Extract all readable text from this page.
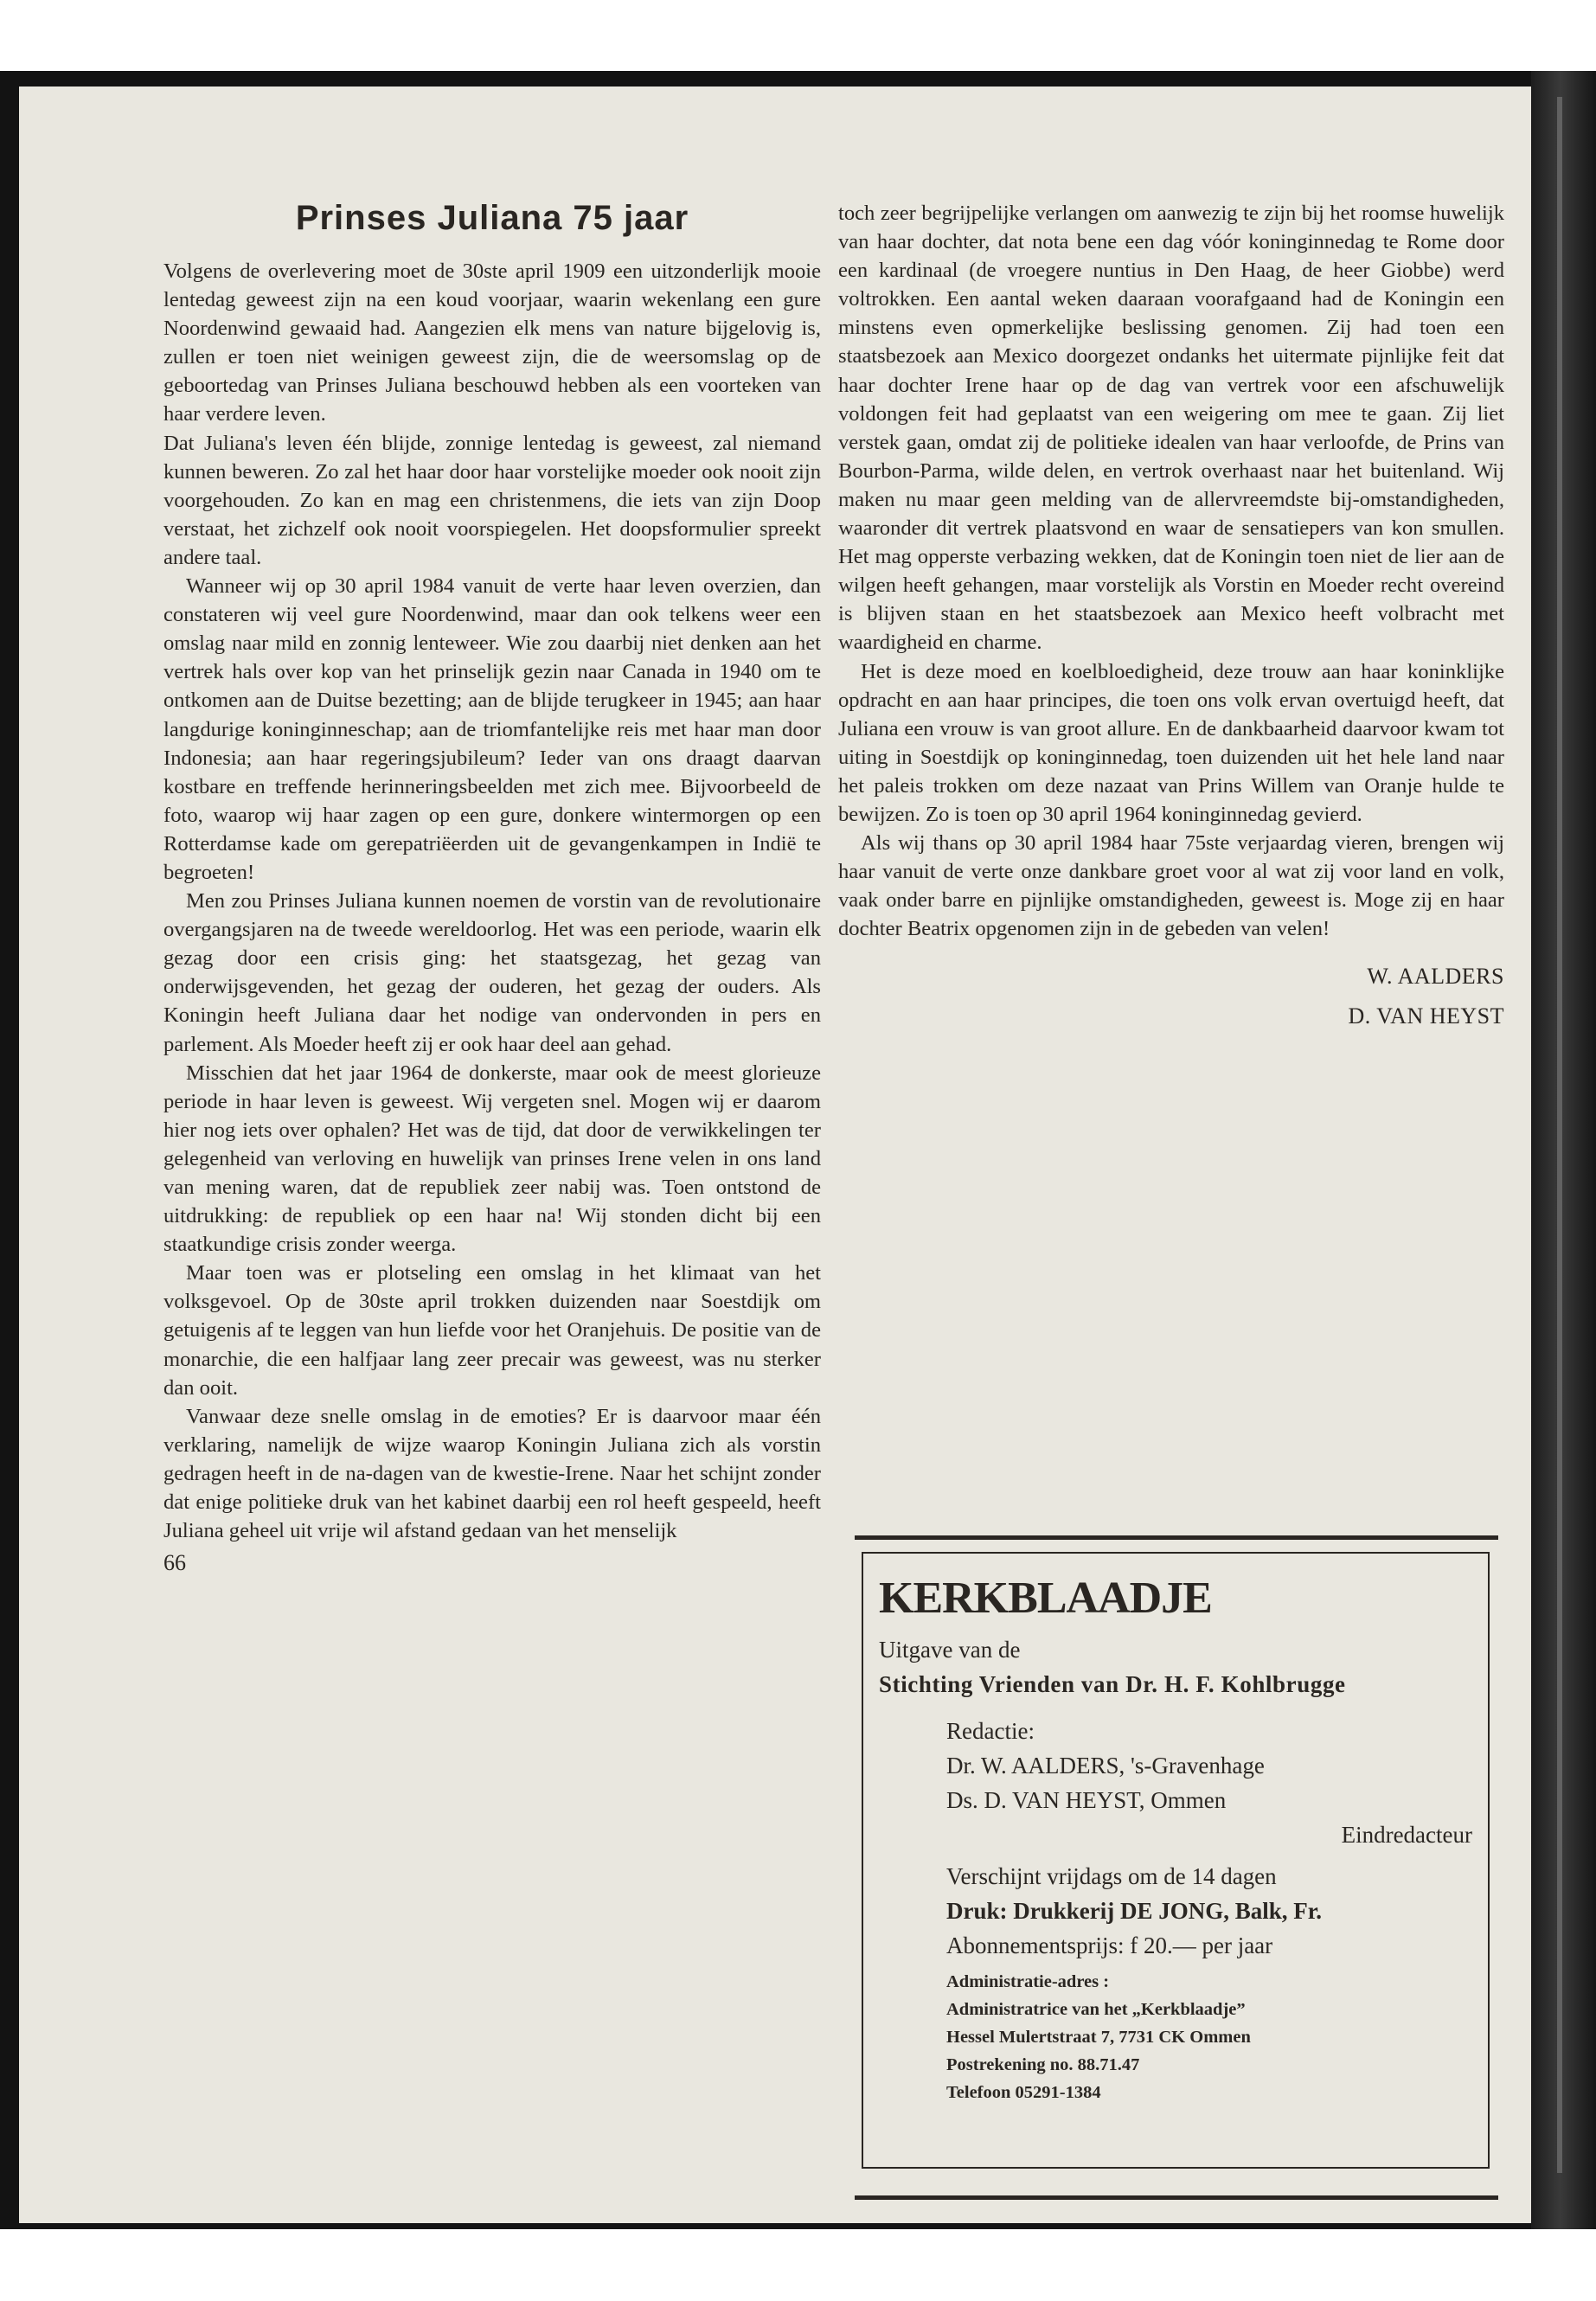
Prinses Juliana 75 jaar

Volgens de overlevering moet de 30ste april 1909 een uitzonderlijk mooie lentedag geweest zijn na een koud voorjaar, waarin wekenlang een gure Noordenwind gewaaid had. Aangezien elk mens van nature bijgelovig is, zullen er toen niet weinigen geweest zijn, die de weersomslag op de geboortedag van Prinses Juliana beschouwd hebben als een voorteken van haar verdere leven.

Dat Juliana's leven één blijde, zonnige lentedag is geweest, zal niemand kunnen beweren. Zo zal het haar door haar vorstelijke moeder ook nooit zijn voorgehouden. Zo kan en mag een christenmens, die iets van zijn Doop verstaat, het zichzelf ook nooit voorspiegelen. Het doopsformulier spreekt andere taal.

Wanneer wij op 30 april 1984 vanuit de verte haar leven overzien, dan constateren wij veel gure Noordenwind, maar dan ook telkens weer een omslag naar mild en zonnig lenteweer. Wie zou daarbij niet denken aan het vertrek hals over kop van het prinselijk gezin naar Canada in 1940 om te ontkomen aan de Duitse bezetting; aan de blijde terugkeer in 1945; aan haar langdurige koninginneschap; aan de triomfantelijke reis met haar man door Indonesia; aan haar regeringsjubileum? Ieder van ons draagt daarvan kostbare en treffende herinneringsbeelden met zich mee. Bijvoorbeeld de foto, waarop wij haar zagen op een gure, donkere wintermorgen op een Rotterdamse kade om gerepatriëerden uit de gevangenkampen in Indië te begroeten!

Men zou Prinses Juliana kunnen noemen de vorstin van de revolutionaire overgangsjaren na de tweede wereldoorlog. Het was een periode, waarin elk gezag door een crisis ging: het staatsgezag, het gezag van onderwijsgevenden, het gezag der ouderen, het gezag der ouders. Als Koningin heeft Juliana daar het nodige van ondervonden in pers en parlement. Als Moeder heeft zij er ook haar deel aan gehad.

Misschien dat het jaar 1964 de donkerste, maar ook de meest glorieuze periode in haar leven is geweest. Wij vergeten snel. Mogen wij er daarom hier nog iets over ophalen? Het was de tijd, dat door de verwikkelingen ter gelegenheid van verloving en huwelijk van prinses Irene velen in ons land van mening waren, dat de republiek zeer nabij was. Toen ontstond de uitdrukking: de republiek op een haar na! Wij stonden dicht bij een staatkundige crisis zonder weerga.

Maar toen was er plotseling een omslag in het klimaat van het volksgevoel. Op de 30ste april trokken duizenden naar Soestdijk om getuigenis af te leggen van hun liefde voor het Oranjehuis. De positie van de monarchie, die een halfjaar lang zeer precair was geweest, was nu sterker dan ooit.

Vanwaar deze snelle omslag in de emoties? Er is daarvoor maar één verklaring, namelijk de wijze waarop Koningin Juliana zich als vorstin gedragen heeft in de na-dagen van de kwestie-Irene. Naar het schijnt zonder dat enige politieke druk van het kabinet daarbij een rol heeft gespeeld, heeft Juliana geheel uit vrije wil afstand gedaan van het menselijk

66

toch zeer begrijpelijke verlangen om aanwezig te zijn bij het roomse huwelijk van haar dochter, dat nota bene een dag vóór koninginnedag te Rome door een kardinaal (de vroegere nuntius in Den Haag, de heer Giobbe) werd voltrokken. Een aantal weken daaraan voorafgaand had de Koningin een minstens even opmerkelijke beslissing genomen. Zij had toen een staatsbezoek aan Mexico doorgezet ondanks het uitermate pijnlijke feit dat haar dochter Irene haar op de dag van vertrek voor een afschuwelijk voldongen feit had geplaatst van een weigering om mee te gaan. Zij liet verstek gaan, omdat zij de politieke idealen van haar verloofde, de Prins van Bourbon-Parma, wilde delen, en vertrok overhaast naar het buitenland. Wij maken nu maar geen melding van de allervreemdste bij-omstandigheden, waaronder dit vertrek plaatsvond en waar de sensatiepers van kon smullen. Het mag opperste verbazing wekken, dat de Koningin toen niet de lier aan de wilgen heeft gehangen, maar vorstelijk als Vorstin en Moeder recht overeind is blijven staan en het staatsbezoek aan Mexico heeft volbracht met waardigheid en charme.

Het is deze moed en koelbloedigheid, deze trouw aan haar koninklijke opdracht en aan haar principes, die toen ons volk ervan overtuigd heeft, dat Juliana een vrouw is van groot allure. En de dankbaarheid daarvoor kwam tot uiting in Soestdijk op koninginnedag, toen duizenden uit het hele land naar het paleis trokken om deze nazaat van Prins Willem van Oranje hulde te bewijzen. Zo is toen op 30 april 1964 koninginnedag gevierd.

Als wij thans op 30 april 1984 haar 75ste verjaardag vieren, brengen wij haar vanuit de verte onze dankbare groet voor al wat zij voor land en volk, vaak onder barre en pijnlijke omstandigheden, geweest is. Moge zij en haar dochter Beatrix opgenomen zijn in de gebeden van velen!

W. AALDERS
D. VAN HEYST
KERKBLAADJE
Uitgave van de
Stichting Vrienden van Dr. H. F. Kohlbrugge
Redactie:
Dr. W. AALDERS, 's-Gravenhage
Ds. D. VAN HEYST, Ommen
Eindredacteur
Verschijnt vrijdags om de 14 dagen
Druk: Drukkerij DE JONG, Balk, Fr.
Abonnementsprijs: f 20.— per jaar
Administratie-adres :
Administratrice van het „Kerkblaadje”
Hessel Mulertstraat 7, 7731 CK Ommen
Postrekening no. 88.71.47
Telefoon 05291-1384
